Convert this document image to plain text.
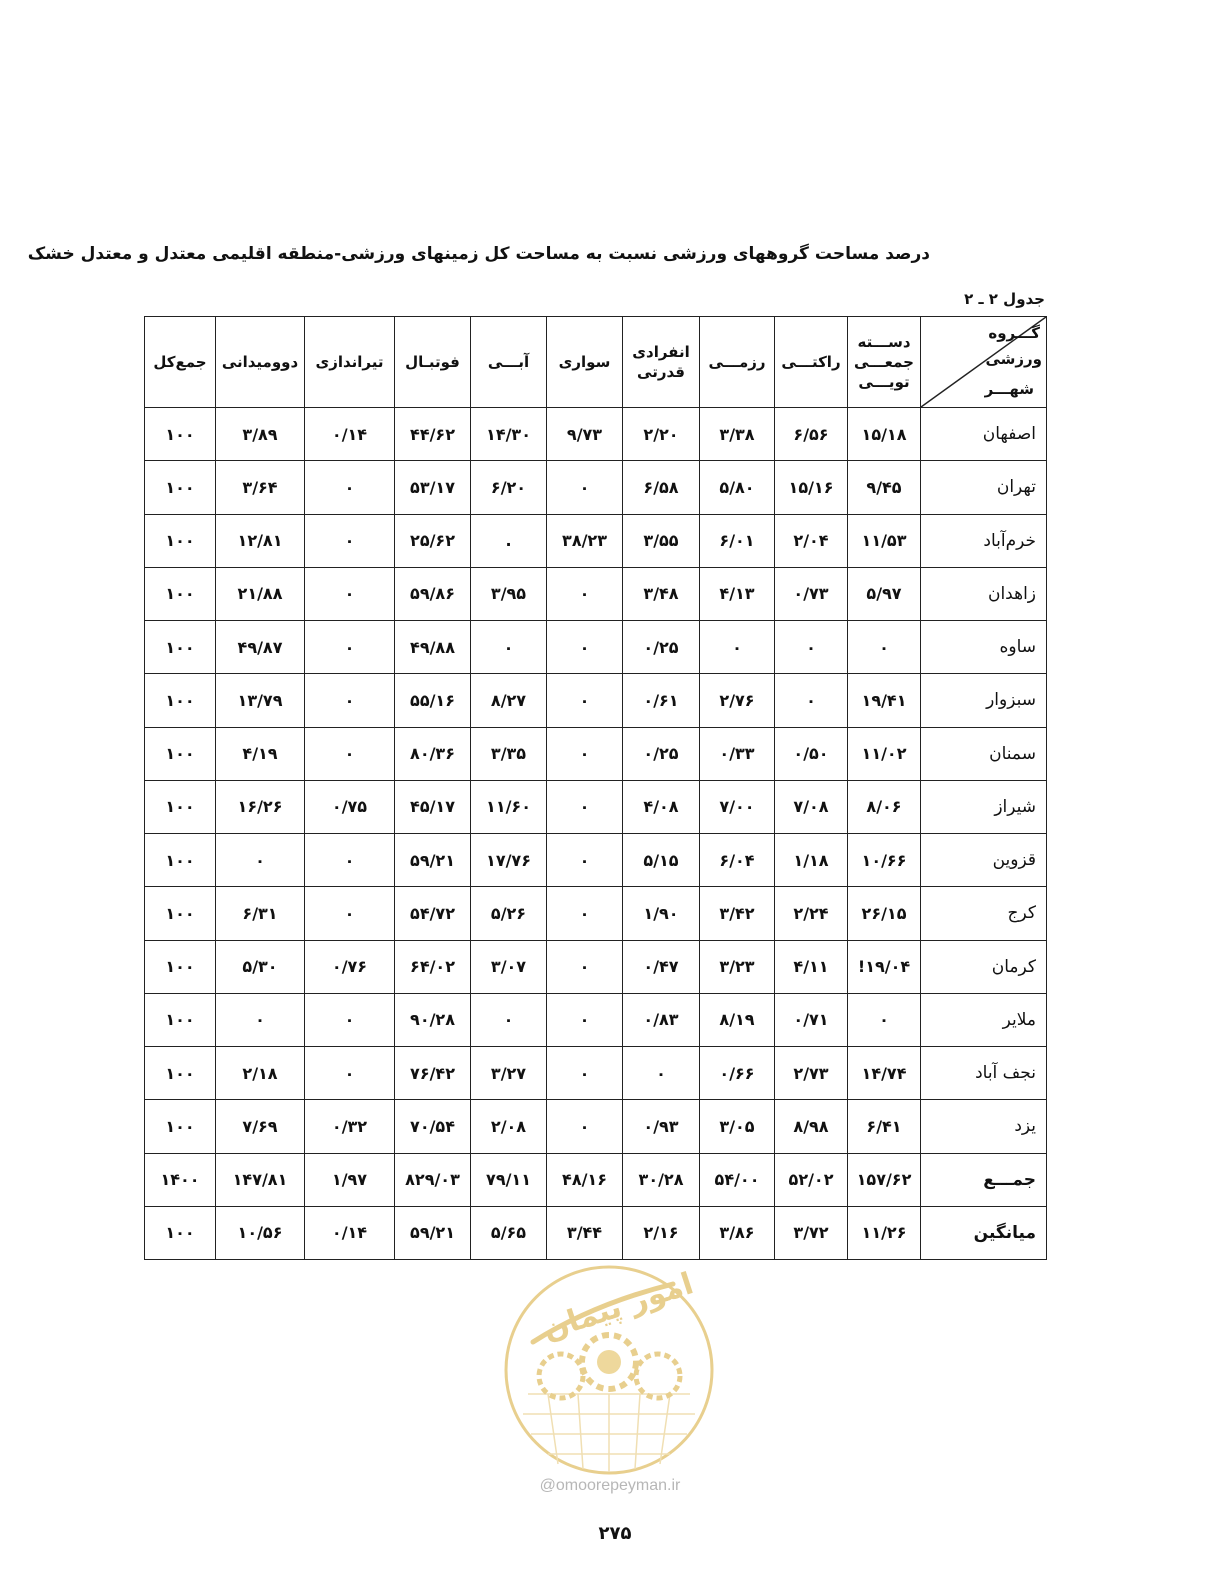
درصد مساحت گروههای ورزشی نسبت به مساحت کل زمینهای ورزشی-منطقه اقلیمی معتدل و معتدل خشک
جدول ۲ ـ ۲
گـــروه
ورزشی
شهـــر	دســـته جمعـــی تویـــی	راکتـــی	رزمـــی	انفرادی قدرتی	سواری	آبـــی	فوتبـال	تیراندازی	دوومیدانی	جمع‌کل
اصفهان	۱۵/۱۸	۶/۵۶	۳/۳۸	۲/۲۰	۹/۷۳	۱۴/۳۰	۴۴/۶۲	۰/۱۴	۳/۸۹	۱۰۰
تهران	۹/۴۵	۱۵/۱۶	۵/۸۰	۶/۵۸	۰	۶/۲۰	۵۳/۱۷	۰	۳/۶۴	۱۰۰
خرم‌آباد	۱۱/۵۳	۲/۰۴	۶/۰۱	۳/۵۵	۳۸/۲۳	.	۲۵/۶۲	۰	۱۲/۸۱	۱۰۰
زاهدان	۵/۹۷	۰/۷۳	۴/۱۳	۳/۴۸	۰	۳/۹۵	۵۹/۸۶	۰	۲۱/۸۸	۱۰۰
ساوه	۰	۰	۰	۰/۲۵	۰	۰	۴۹/۸۸	۰	۴۹/۸۷	۱۰۰
سبزوار	۱۹/۴۱	۰	۲/۷۶	۰/۶۱	۰	۸/۲۷	۵۵/۱۶	۰	۱۳/۷۹	۱۰۰
سمنان	۱۱/۰۲	۰/۵۰	۰/۳۳	۰/۲۵	۰	۳/۳۵	۸۰/۳۶	۰	۴/۱۹	۱۰۰
شیراز	۸/۰۶	۷/۰۸	۷/۰۰	۴/۰۸	۰	۱۱/۶۰	۴۵/۱۷	۰/۷۵	۱۶/۲۶	۱۰۰
قزوین	۱۰/۶۶	۱/۱۸	۶/۰۴	۵/۱۵	۰	۱۷/۷۶	۵۹/۲۱	۰	۰	۱۰۰
کرج	۲۶/۱۵	۲/۲۴	۳/۴۲	۱/۹۰	۰	۵/۲۶	۵۴/۷۲	۰	۶/۳۱	۱۰۰
کرمان	۱۹/۰۴!	۴/۱۱	۳/۲۳	۰/۴۷	۰	۳/۰۷	۶۴/۰۲	۰/۷۶	۵/۳۰	۱۰۰
ملایر	۰	۰/۷۱	۸/۱۹	۰/۸۳	۰	۰	۹۰/۲۸	۰	۰	۱۰۰
نجف آباد	۱۴/۷۴	۲/۷۳	۰/۶۶	۰	۰	۳/۲۷	۷۶/۴۲	۰	۲/۱۸	۱۰۰
یزد	۶/۴۱	۸/۹۸	۳/۰۵	۰/۹۳	۰	۲/۰۸	۷۰/۵۴	۰/۳۲	۷/۶۹	۱۰۰
جمـــع	۱۵۷/۶۲	۵۲/۰۲	۵۴/۰۰	۳۰/۲۸	۴۸/۱۶	۷۹/۱۱	۸۲۹/۰۳	۱/۹۷	۱۴۷/۸۱	۱۴۰۰
میانگین	۱۱/۲۶	۳/۷۲	۳/۸۶	۲/۱۶	۳/۴۴	۵/۶۵	۵۹/۲۱	۰/۱۴	۱۰/۵۶	۱۰۰
امور پیمان
@omoorepeyman.ir
۲۷۵
